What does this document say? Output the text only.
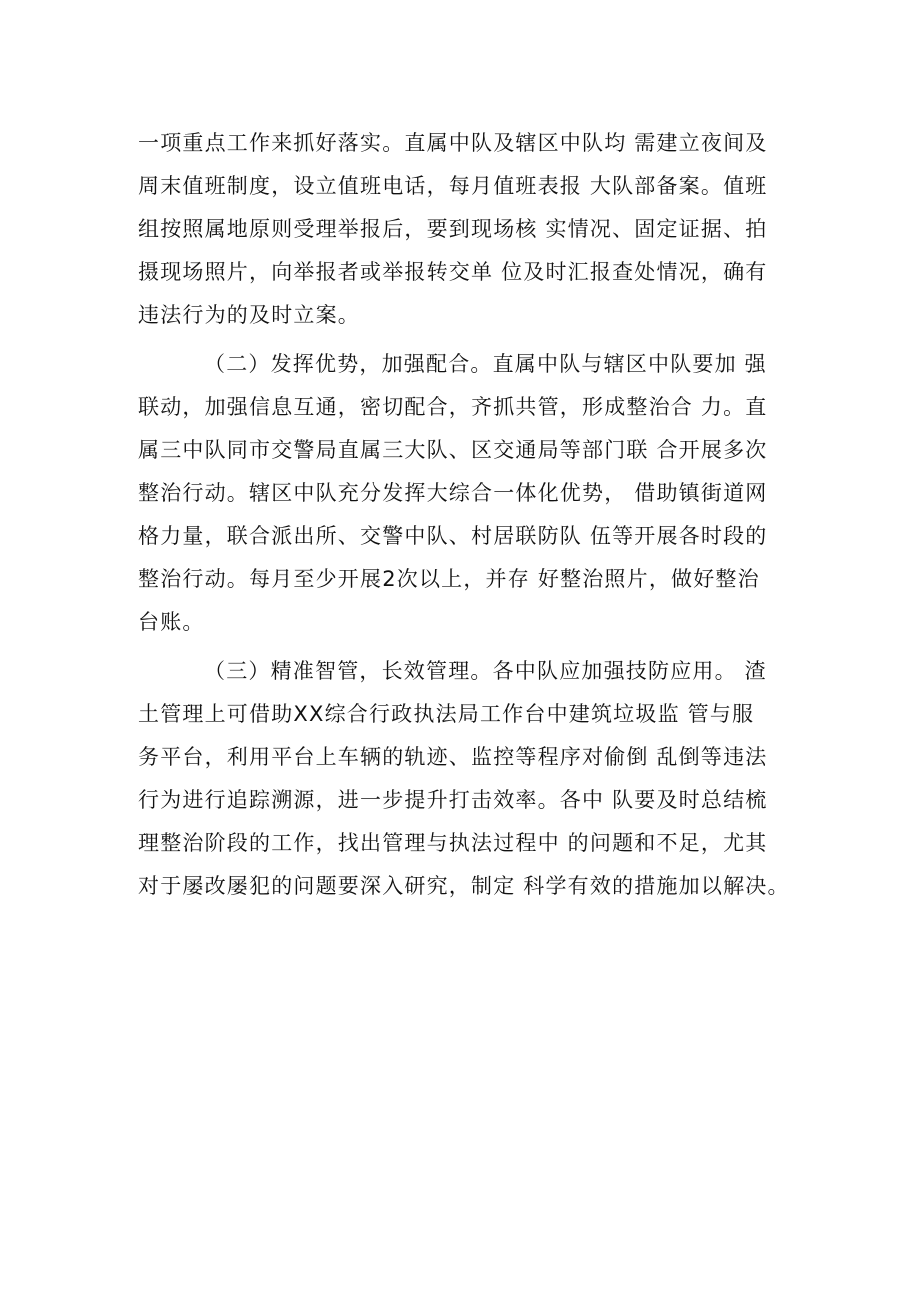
一项重点工作来抓好落实。直属中队及辖区中队均 需建立夜间及
周末值班制度，设立值班电话，每月值班表报 大队部备案。值班
组按照属地原则受理举报后，要到现场核 实情况、固定证据、拍
摄现场照片，向举报者或举报转交单 位及时汇报查处情况，确有
违法行为的及时立案。
（二）发挥优势，加强配合。直属中队与辖区中队要加 强
联动，加强信息互通，密切配合，齐抓共管，形成整治合 力。直
属三中队同市交警局直属三大队、区交通局等部门联 合开展多次
整治行动。辖区中队充分发挥大综合一体化优势， 借助镇街道网
格力量，联合派出所、交警中队、村居联防队 伍等开展各时段的
整治行动。每月至少开展2次以上，并存 好整治照片，做好整治
台账。
（三）精准智管，长效管理。各中队应加强技防应用。 渣
土管理上可借助XX综合行政执法局工作台中建筑垃圾监 管与服
务平台，利用平台上车辆的轨迹、监控等程序对偷倒 乱倒等违法
行为进行追踪溯源，进一步提升打击效率。各中 队要及时总结梳
理整治阶段的工作，找出管理与执法过程中 的问题和不足，尤其
对于屡改屡犯的问题要深入研究，制定 科学有效的措施加以解决。
